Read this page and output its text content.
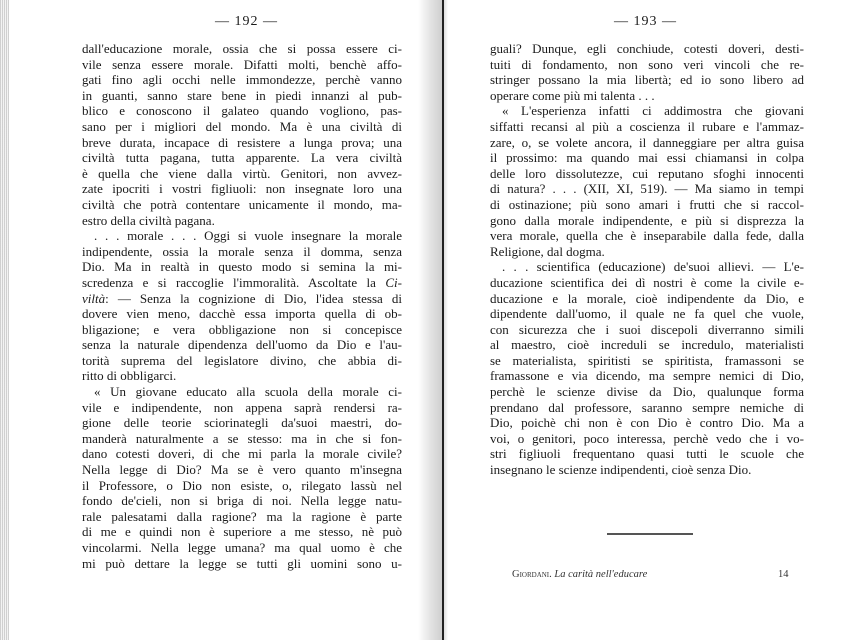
— 192 —
dall'educazione morale, ossia che si possa essere ci-
vile senza essere morale. Difatti molti, benchè affo-
gati fino agli occhi nelle immondezze, perchè vanno
in guanti, sanno stare bene in piedi innanzi al pub-
blico e conoscono il galateo quando vogliono, pas-
sano per i migliori del mondo. Ma è una civiltà di
breve durata, incapace di resistere a lunga prova; una
civiltà tutta pagana, tutta apparente. La vera civiltà
è quella che viene dalla virtù. Genitori, non avvez-
zate ipocriti i vostri figliuoli: non insegnate loro una
civiltà che potrà contentare unicamente il mondo, ma-
estro della civiltà pagana.
. . . morale . . . Oggi si vuole insegnare la morale
indipendente, ossia la morale senza il domma, senza
Dio. Ma in realtà in questo modo si semina la mi-
scredenza e si raccoglie l'immoralità. Ascoltate la Ci-
viltà: — Senza la cognizione di Dio, l'idea stessa di
dovere vien meno, dacchè essa importa quella di ob-
bligazione; e vera obbligazione non si concepisce
senza la naturale dipendenza dell'uomo da Dio e l'au-
torità suprema del legislatore divino, che abbia di-
ritto di obbligarci.
« Un giovane educato alla scuola della morale ci-
vile e indipendente, non appena saprà rendersi ra-
gione delle teorie sciorinategli da'suoi maestri, do-
manderà naturalmente a se stesso: ma in che si fon-
dano cotesti doveri, di che mi parla la morale civile?
Nella legge di Dio? Ma se è vero quanto m'insegna
il Professore, o Dio non esiste, o, rilegato lassù nel
fondo de'cieli, non si briga di noi. Nella legge natu-
rale palesatami dalla ragione? ma la ragione è parte
di me e quindi non è superiore a me stesso, nè può
vincolarmi. Nella legge umana? ma qual uomo è che
mi può dettare la legge se tutti gli uomini sono u-
— 193 —
guali? Dunque, egli conchiude, cotesti doveri, desti-
tuiti di fondamento, non sono veri vincoli che re-
stringer possano la mia libertà; ed io sono libero ad
operare come più mi talenta . . .
« L'esperienza infatti ci addimostra che giovani
siffatti recansi al più a coscienza il rubare e l'ammaz-
zare, o, se volete ancora, il danneggiare per altra guisa
il prossimo: ma quando mai essi chiamansi in colpa
delle loro dissolutezze, cui reputano sfoghi innocenti
di natura? . . . (XII, XI, 519). — Ma siamo in tempi
di ostinazione; più sono amari i frutti che si raccol-
gono dalla morale indipendente, e più si disprezza la
vera morale, quella che è inseparabile dalla fede, dalla
Religione, dal dogma.
. . . scientifica (educazione) de'suoi allievi. — L'e-
ducazione scientifica dei dì nostri è come la civile e-
ducazione e la morale, cioè indipendente da Dio, e
dipendente dall'uomo, il quale ne fa quel che vuole,
con sicurezza che i suoi discepoli diverranno simili
al maestro, cioè increduli se incredulo, materialisti
se materialista, spiritisti se spiritista, framassoni se
framassone e via dicendo, ma sempre nemici di Dio,
perchè le scienze divise da Dio, qualunque forma
prendano dal professore, saranno sempre nemiche di
Dio, poichè chi non è con Dio è contro Dio. Ma a
voi, o genitori, poco interessa, perchè vedo che i vo-
stri figliuoli frequentano quasi tutti le scuole che
insegnano le scienze indipendenti, cioè senza Dio.
Giordani. La carità nell'educare	14
